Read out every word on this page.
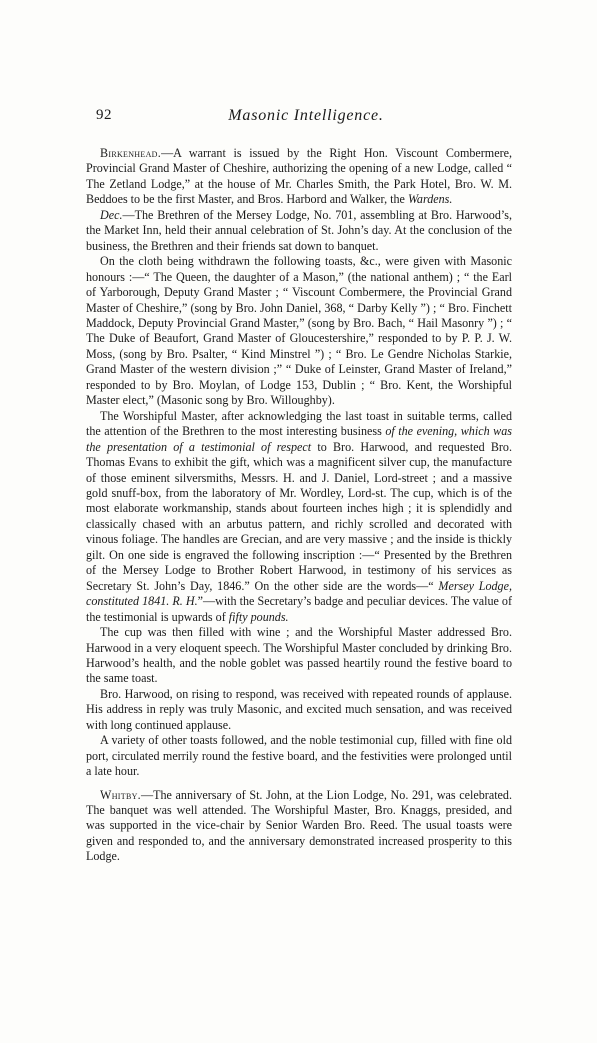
92	Masonic Intelligence.

Birkenhead.—A warrant is issued by the Right Hon. Viscount Combermere, Provincial Grand Master of Cheshire, authorizing the opening of a new Lodge, called “ The Zetland Lodge,” at the house of Mr. Charles Smith, the Park Hotel, Bro. W. M. Beddoes to be the first Master, and Bros. Harbord and Walker, the Wardens.

Dec.—The Brethren of the Mersey Lodge, No. 701, assembling at Bro. Harwood’s, the Market Inn, held their annual celebration of St. John’s day. At the conclusion of the business, the Brethren and their friends sat down to banquet.

On the cloth being withdrawn the following toasts, &c., were given with Masonic honours :—“ The Queen, the daughter of a Mason,” (the national anthem) ; “ the Earl of Yarborough, Deputy Grand Master ; “ Viscount Combermere, the Provincial Grand Master of Cheshire,” (song by Bro. John Daniel, 368, “ Darby Kelly ”) ; “ Bro. Finchett Maddock, Deputy Provincial Grand Master,” (song by Bro. Bach, “ Hail Masonry ”) ; “ The Duke of Beaufort, Grand Master of Gloucestershire,” responded to by P. P. J. W. Moss, (song by Bro. Psalter, “ Kind Minstrel ”) ; “ Bro. Le Gendre Nicholas Starkie, Grand Master of the western division ;” “ Duke of Leinster, Grand Master of Ireland,” responded to by Bro. Moylan, of Lodge 153, Dublin ; “ Bro. Kent, the Worshipful Master elect,” (Masonic song by Bro. Willoughby).

The Worshipful Master, after acknowledging the last toast in suitable terms, called the attention of the Brethren to the most interesting business of the evening, which was the presentation of a testimonial of respect to Bro. Harwood, and requested Bro. Thomas Evans to exhibit the gift, which was a magnificent silver cup, the manufacture of those eminent silversmiths, Messrs. H. and J. Daniel, Lord-street ; and a massive gold snuff-box, from the laboratory of Mr. Wordley, Lord-st. The cup, which is of the most elaborate workmanship, stands about fourteen inches high ; it is splendidly and classically chased with an arbutus pattern, and richly scrolled and decorated with vinous foliage. The handles are Grecian, and are very massive ; and the inside is thickly gilt. On one side is engraved the following inscription :—“ Presented by the Brethren of the Mersey Lodge to Brother Robert Harwood, in testimony of his services as Secretary St. John’s Day, 1846.” On the other side are the words—“ Mersey Lodge, constituted 1841. R. H.”—with the Secretary’s badge and peculiar devices. The value of the testimonial is upwards of fifty pounds.

The cup was then filled with wine ; and the Worshipful Master addressed Bro. Harwood in a very eloquent speech. The Worshipful Master concluded by drinking Bro. Harwood’s health, and the noble goblet was passed heartily round the festive board to the same toast.

Bro. Harwood, on rising to respond, was received with repeated rounds of applause. His address in reply was truly Masonic, and excited much sensation, and was received with long continued applause.

A variety of other toasts followed, and the noble testimonial cup, filled with fine old port, circulated merrily round the festive board, and the festivities were prolonged until a late hour.

Whitby.—The anniversary of St. John, at the Lion Lodge, No. 291, was celebrated. The banquet was well attended. The Worshipful Master, Bro. Knaggs, presided, and was supported in the vice-chair by Senior Warden Bro. Reed. The usual toasts were given and responded to, and the anniversary demonstrated increased prosperity to this Lodge.
